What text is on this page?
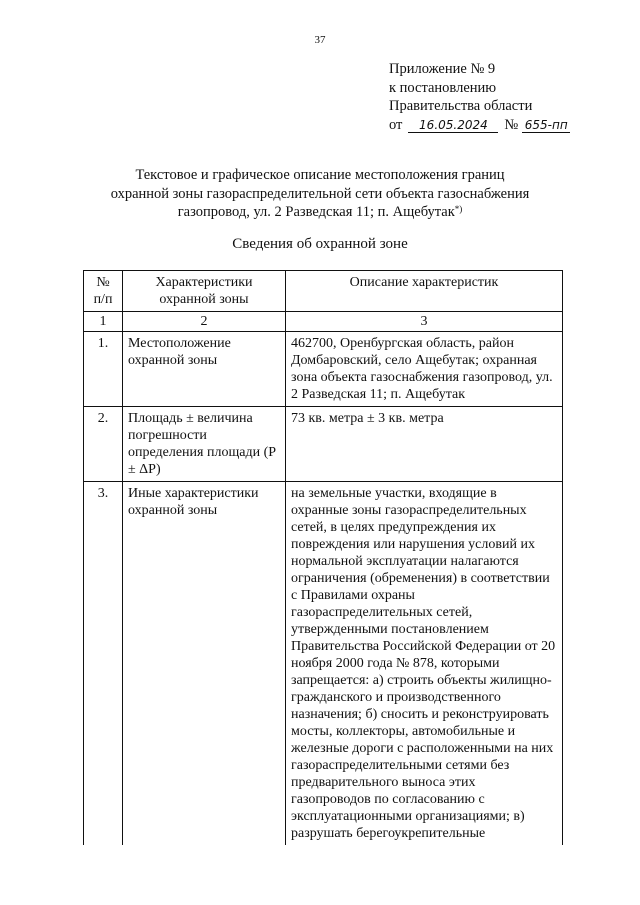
37
Приложение № 9
к постановлению
Правительства области
от 16.05.2024 № 655-пп
Текстовое и графическое описание местоположения границ
охранной зоны газораспределительной сети объекта газоснабжения
газопровод, ул. 2 Разведская 11; п. Ащебутак*)
Сведения об охранной зоне
№ п/п	Характеристики охранной зоны	Описание характеристик
1	2	3
1.	Местоположение охранной зоны	462700, Оренбургская область, район Домбаровский, село Ащебутак; охранная зона объекта газоснабжения газопровод, ул. 2 Разведская 11; п. Ащебутак
2.	Площадь ± величина погрешности определения площади (P ± ΔP)	73 кв. метра ± 3 кв. метра
3.	Иные характеристики охранной зоны	на земельные участки, входящие в охранные зоны газораспределительных сетей, в целях предупреждения их повреждения или нарушения условий их нормальной эксплуатации налагаются ограничения (обременения) в соответствии с Правилами охраны газораспределительных сетей, утвержденными постановлением Правительства Российской Федерации от 20 ноября 2000 года № 878, которыми запрещается: а) строить объекты жилищно-гражданского и производственного назначения; б) сносить и реконструировать мосты, коллекторы, автомобильные и железные дороги с расположенными на них газораспределительными сетями без предварительного выноса этих газопроводов по согласованию с эксплуатационными организациями; в) разрушать берегоукрепительные
